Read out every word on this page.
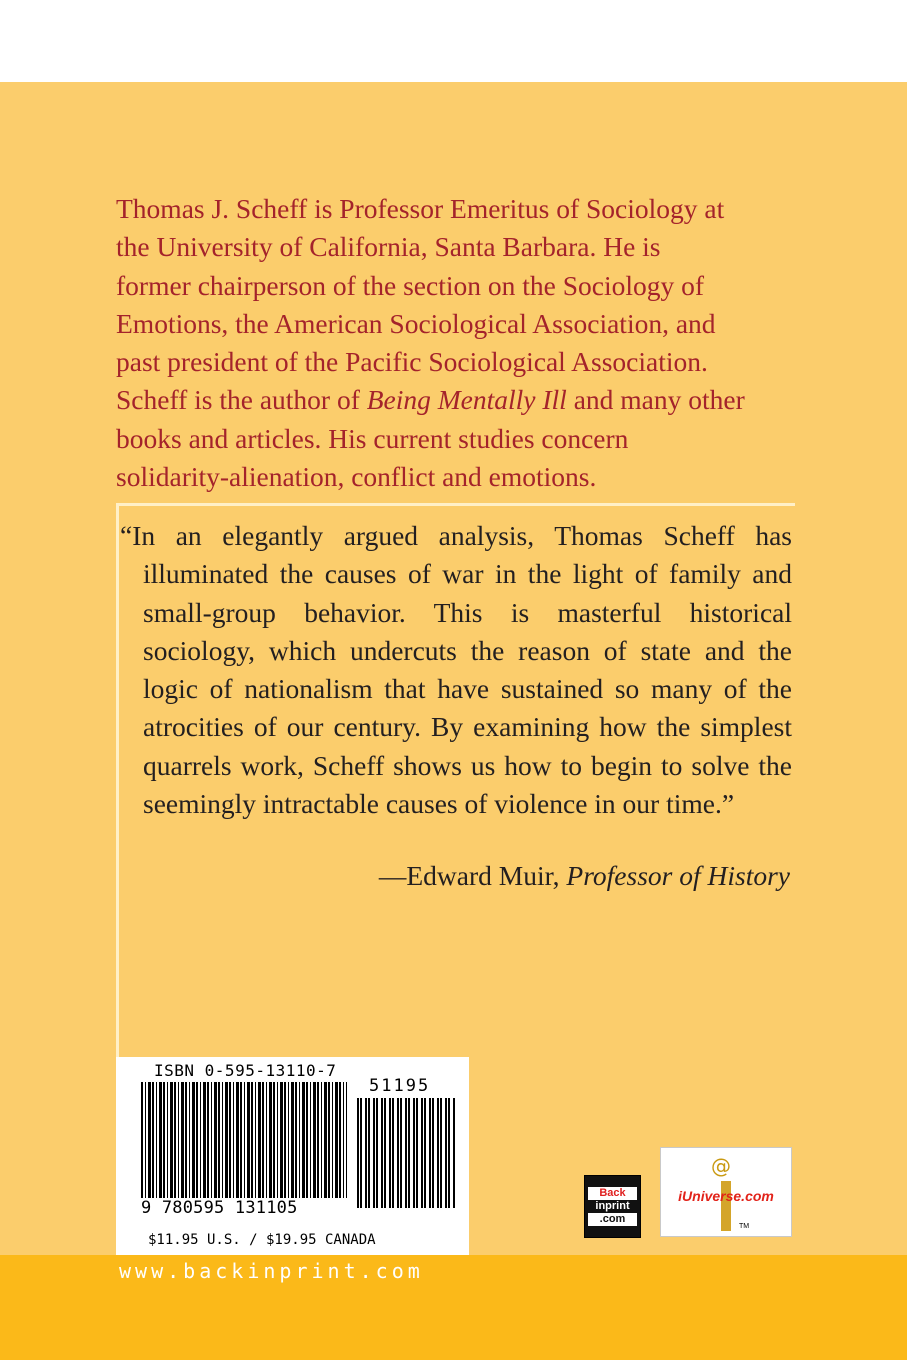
Thomas J. Scheff is Professor Emeritus of Sociology at
the University of California, Santa Barbara. He is
former chairperson of the section on the Sociology of
Emotions, the American Sociological Association, and
past president of the Pacific Sociological Association.
Scheff is the author of Being Mentally Ill and many other
books and articles. His current studies concern
solidarity-alienation, conflict and emotions.

“In an elegantly argued analysis, Thomas Scheff has illuminated the causes of war in the light of family and small-group behavior. This is masterful historical sociology, which undercuts the reason of state and the logic of nationalism that have sustained so many of the atrocities of our century. By examining how the simplest quarrels work, Scheff shows us how to begin to solve the seemingly intractable causes of violence in our time.”

—Edward Muir, Professor of History
ISBN 0-595-13110-7
51195
9 780595 131105
$11.95 U.S. / $19.95 CANADA
Back
inprint
.com
@
iUniverse.com
TM
www.backinprint.com
